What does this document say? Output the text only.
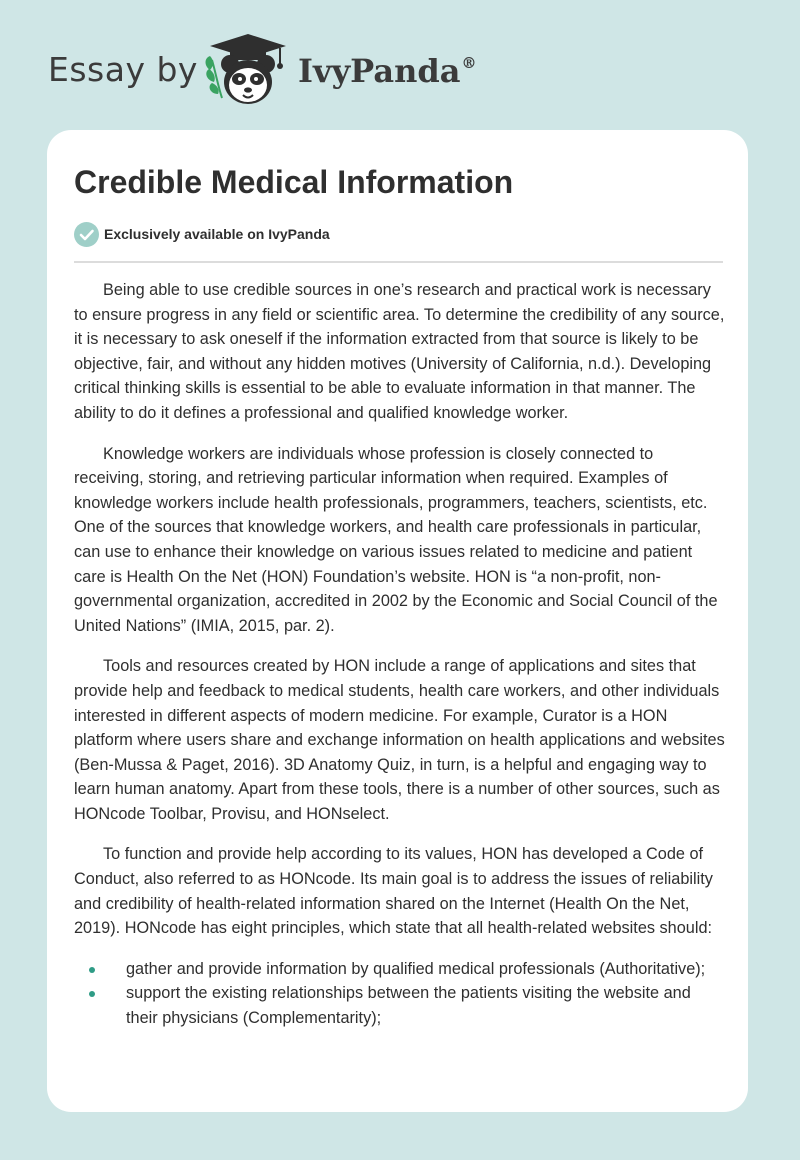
Essay by	IvyPanda®
Credible Medical Information
Exclusively available on IvyPanda

Being able to use credible sources in one’s research and practical work is necessary to ensure progress in any field or scientific area. To determine the credibility of any source, it is necessary to ask oneself if the information extracted from that source is likely to be objective, fair, and without any hidden motives (University of California, n.d.). Developing critical thinking skills is essential to be able to evaluate information in that manner. The ability to do it defines a professional and qualified knowledge worker.

Knowledge workers are individuals whose profession is closely connected to receiving, storing, and retrieving particular information when required. Examples of knowledge workers include health professionals, programmers, teachers, scientists, etc. One of the sources that knowledge workers, and health care professionals in particular, can use to enhance their knowledge on various issues related to medicine and patient care is Health On the Net (HON) Foundation’s website. HON is “a non-profit, non-governmental organization, accredited in 2002 by the Economic and Social Council of the United Nations” (IMIA, 2015, par. 2).

Tools and resources created by HON include a range of applications and sites that provide help and feedback to medical students, health care workers, and other individuals interested in different aspects of modern medicine. For example, Curator is a HON platform where users share and exchange information on health applications and websites (Ben-Mussa & Paget, 2016). 3D Anatomy Quiz, in turn, is a helpful and engaging way to learn human anatomy. Apart from these tools, there is a number of other sources, such as HONcode Toolbar, Provisu, and HONselect.

To function and provide help according to its values, HON has developed a Code of Conduct, also referred to as HONcode. Its main goal is to address the issues of reliability and credibility of health-related information shared on the Internet (Health On the Net, 2019). HONcode has eight principles, which state that all health-related websites should:

gather and provide information by qualified medical professionals (Authoritative);
support the existing relationships between the patients visiting the website and their physicians (Complementarity);
